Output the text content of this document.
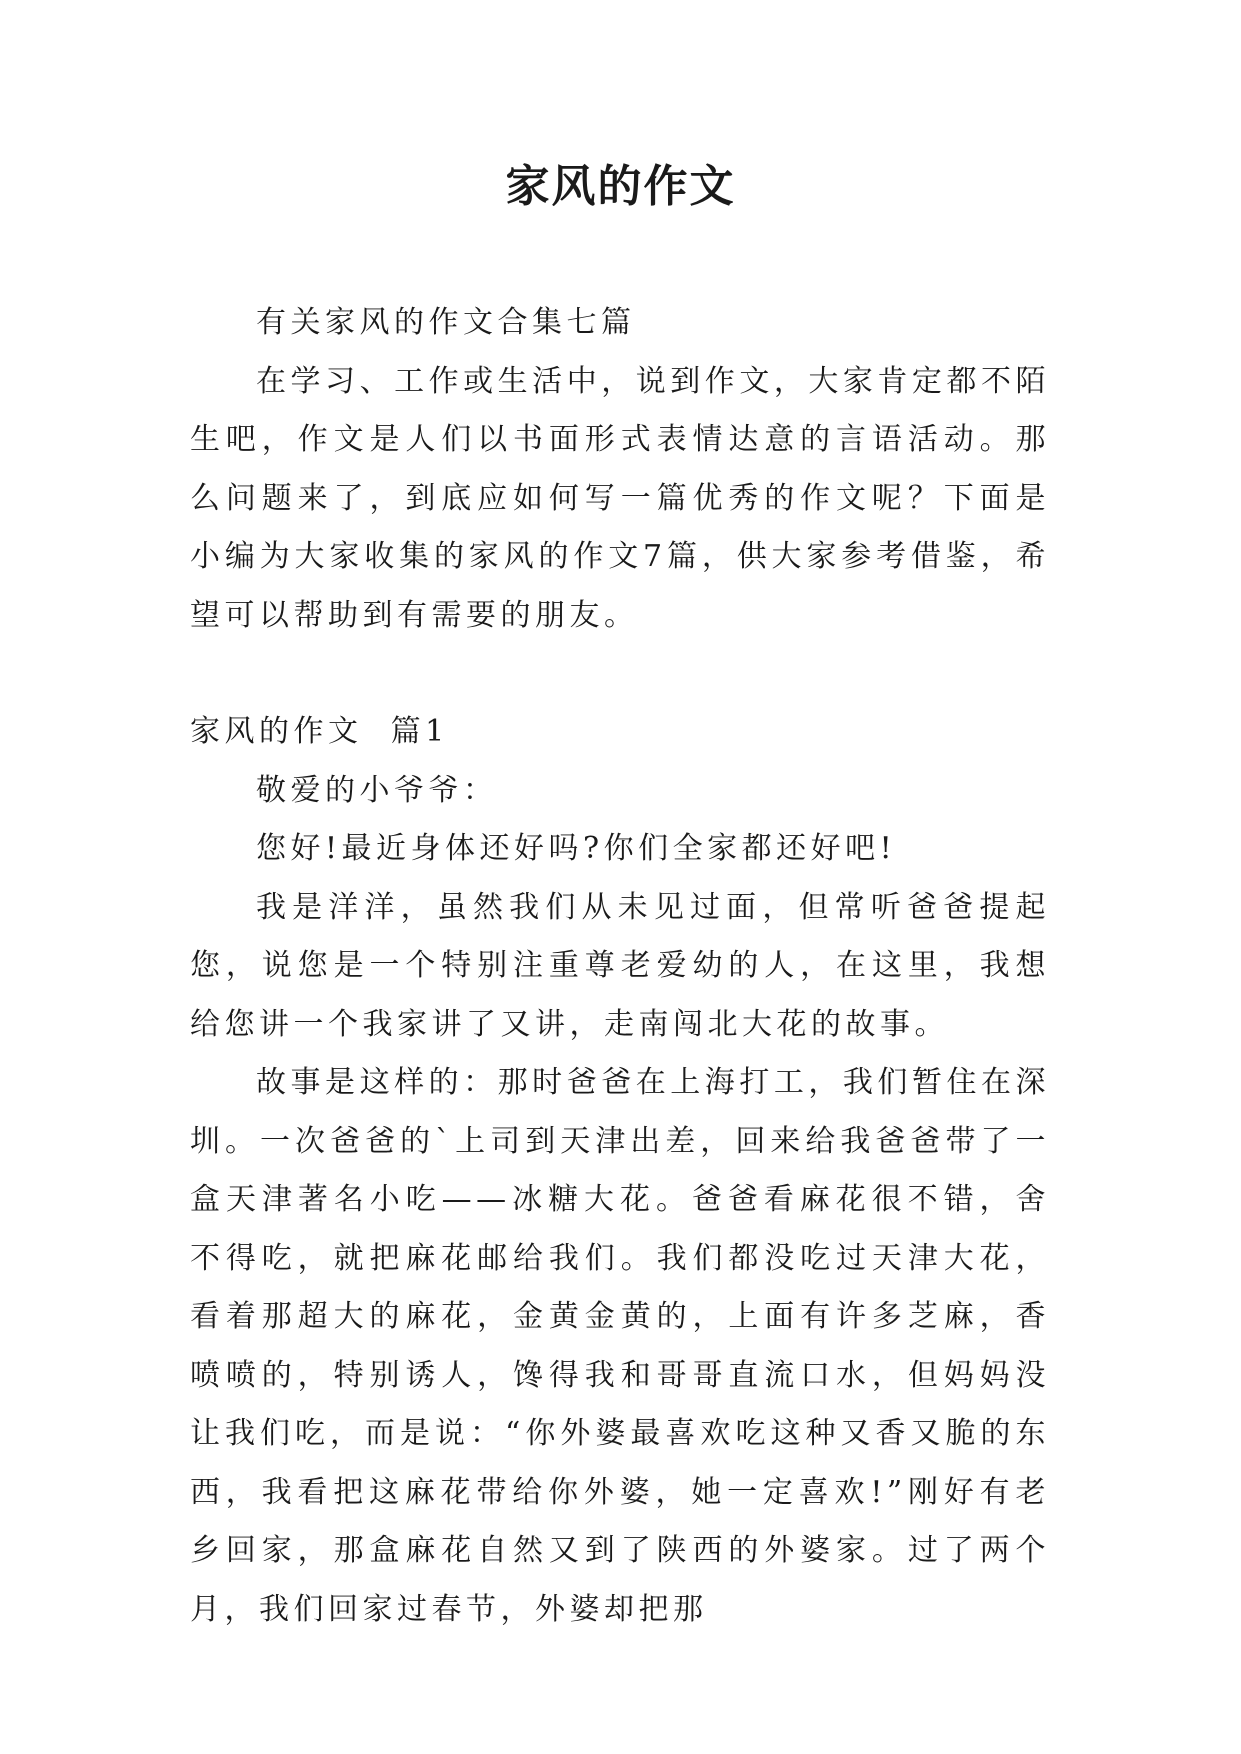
家风的作文

有关家风的作文合集七篇

在学习、工作或生活中，说到作文，大家肯定都不陌生吧，作文是人们以书面形式表情达意的言语活动。那么问题来了，到底应如何写一篇优秀的作文呢？下面是小编为大家收集的家风的作文7篇，供大家参考借鉴，希望可以帮助到有需要的朋友。

家风的作文  篇1

敬爱的小爷爷：

您好!最近身体还好吗?你们全家都还好吧!

我是洋洋，虽然我们从未见过面，但常听爸爸提起您，说您是一个特别注重尊老爱幼的人，在这里，我想给您讲一个我家讲了又讲，走南闯北大花的故事。

故事是这样的：那时爸爸在上海打工，我们暂住在深圳。一次爸爸的`上司到天津出差，回来给我爸爸带了一盒天津著名小吃——冰糖大花。爸爸看麻花很不错，舍不得吃，就把麻花邮给我们。我们都没吃过天津大花，看着那超大的麻花，金黄金黄的，上面有许多芝麻，香喷喷的，特别诱人，馋得我和哥哥直流口水，但妈妈没让我们吃，而是说：“你外婆最喜欢吃这种又香又脆的东西，我看把这麻花带给你外婆，她一定喜欢!”刚好有老乡回家，那盒麻花自然又到了陕西的外婆家。过了两个月，我们回家过春节，外婆却把那
